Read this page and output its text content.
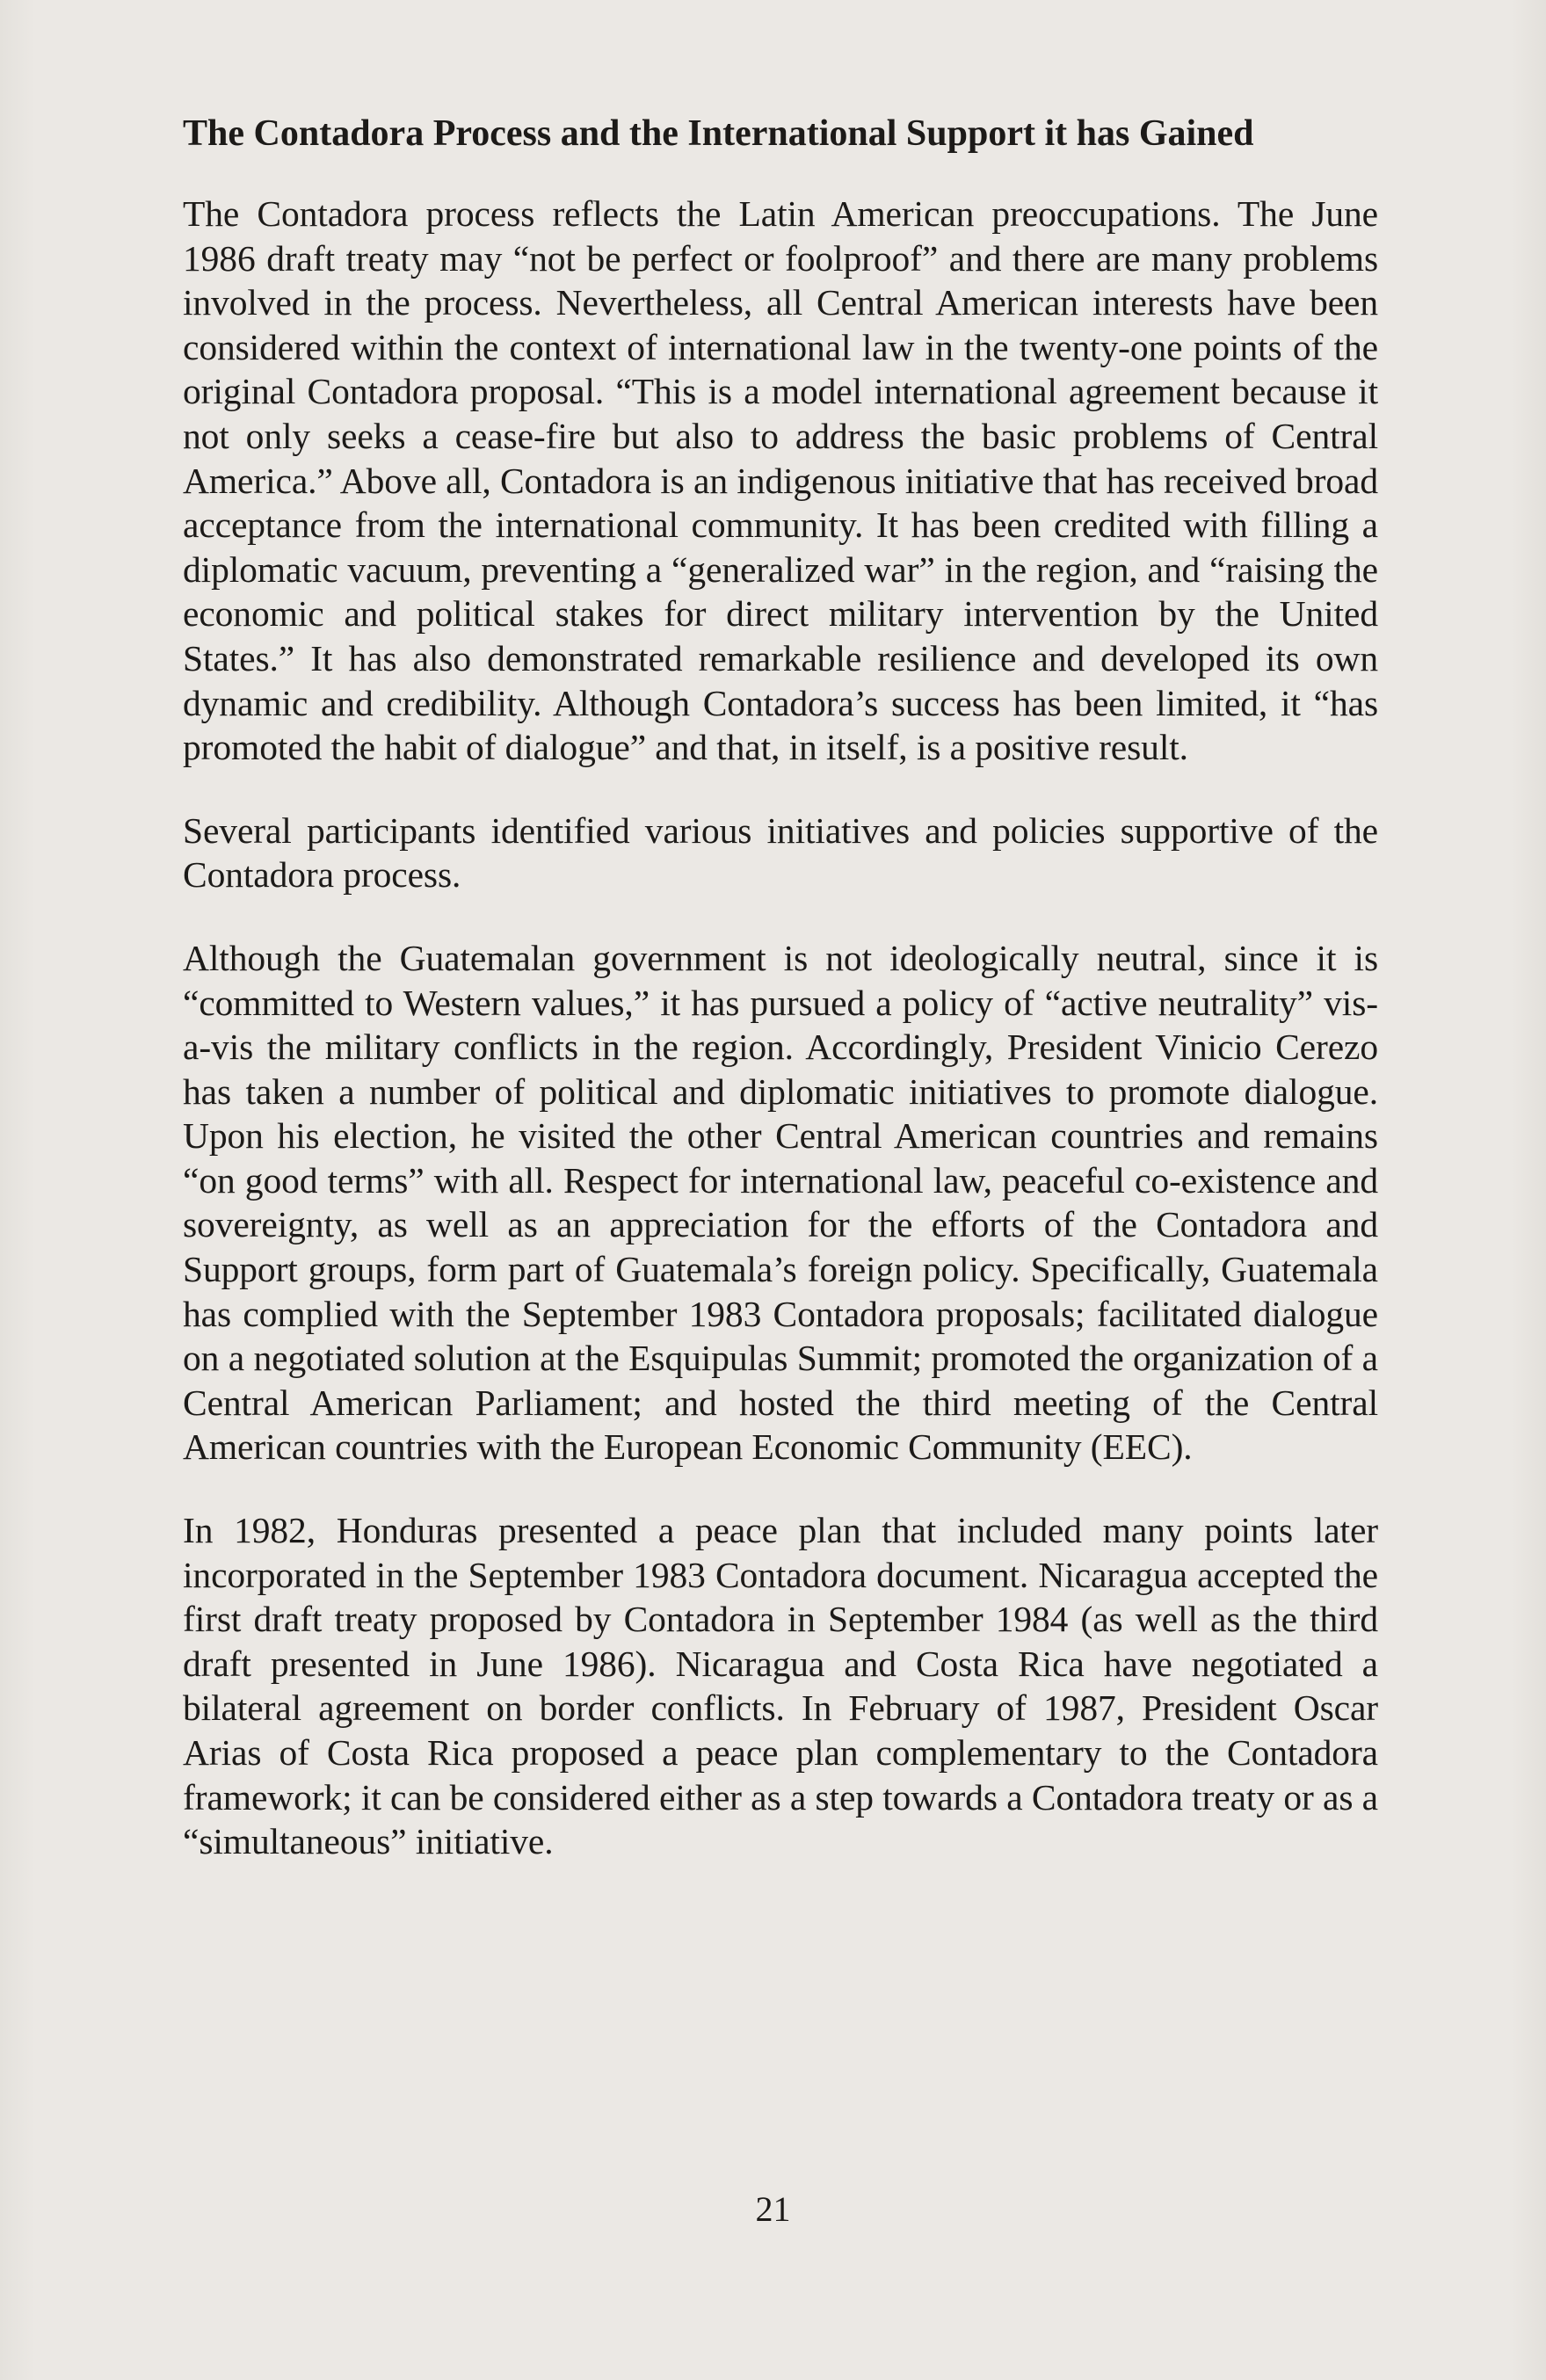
The Contadora Process and the International Support it has Gained

The Contadora process reflects the Latin American preoccupations. The June 1986 draft treaty may “not be perfect or foolproof” and there are many problems involved in the process. Nevertheless, all Central American interests have been considered within the context of international law in the twenty-one points of the original Contadora proposal. “This is a model international agreement because it not only seeks a cease-fire but also to address the basic problems of Central America.” Above all, Contadora is an indigenous initiative that has received broad acceptance from the international community. It has been credited with filling a diplomatic vacuum, preventing a “generalized war” in the region, and “raising the economic and political stakes for direct military intervention by the United States.” It has also demonstrated remarkable resilience and developed its own dynamic and credibility. Although Contadora’s success has been limited, it “has promoted the habit of dialogue” and that, in itself, is a positive result.

Several participants identified various initiatives and policies supportive of the Contadora process.

Although the Guatemalan government is not ideologically neutral, since it is “committed to Western values,” it has pursued a policy of “active neutrality” vis-a-vis the military conflicts in the region. Accordingly, President Vinicio Cerezo has taken a number of political and diplomatic initiatives to promote dialogue. Upon his election, he visited the other Central American countries and remains “on good terms” with all. Respect for international law, peaceful co-existence and sovereignty, as well as an appreciation for the efforts of the Contadora and Support groups, form part of Guatemala’s foreign policy. Specifically, Guatemala has complied with the September 1983 Contadora proposals; facilitated dialogue on a negotiated solution at the Esquipulas Summit; promoted the organization of a Central American Parliament; and hosted the third meeting of the Central American countries with the European Economic Community (EEC).

In 1982, Honduras presented a peace plan that included many points later incorporated in the September 1983 Contadora document. Nicaragua accepted the first draft treaty proposed by Contadora in September 1984 (as well as the third draft presented in June 1986). Nicaragua and Costa Rica have negotiated a bilateral agreement on border conflicts. In February of 1987, President Oscar Arias of Costa Rica proposed a peace plan complementary to the Contadora framework; it can be considered either as a step towards a Contadora treaty or as a “simultaneous” initiative.

21
